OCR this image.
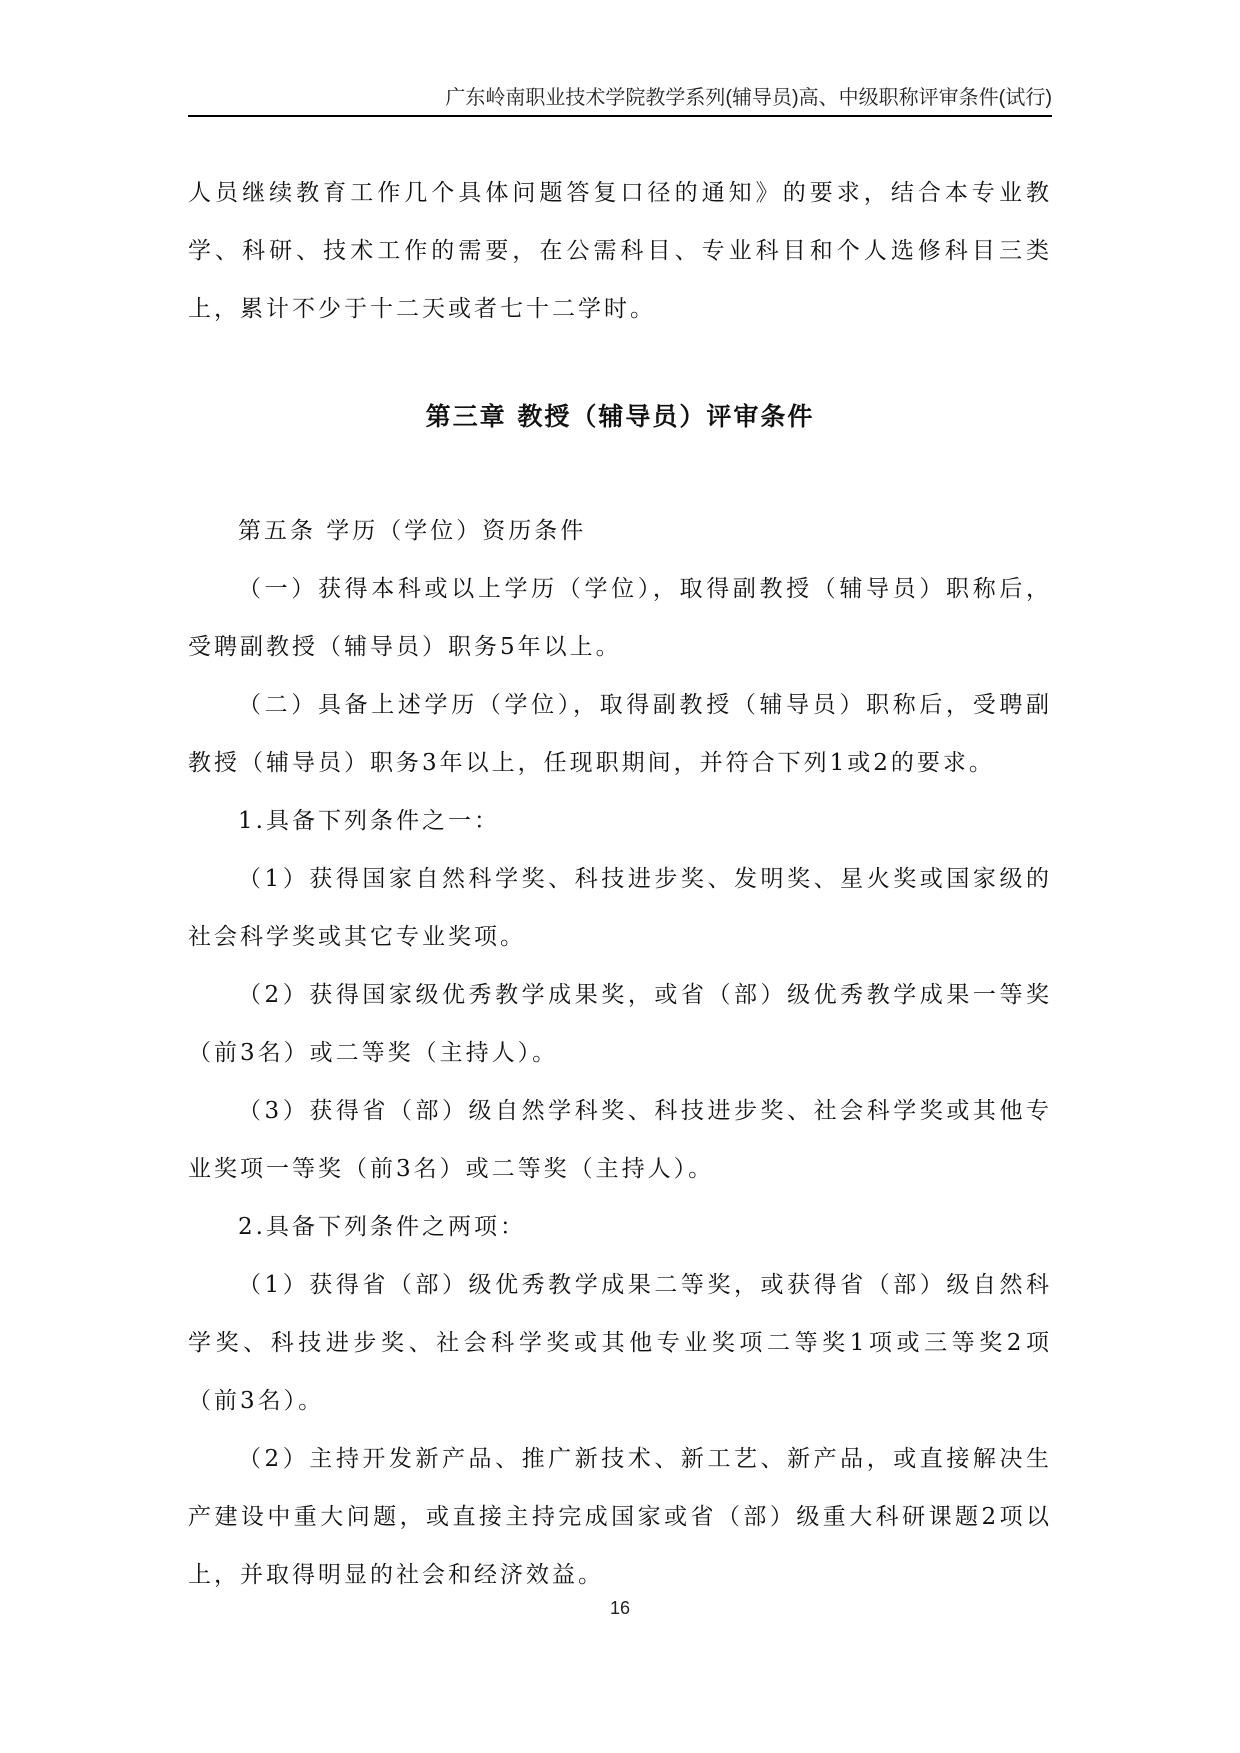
广东岭南职业技术学院教学系列(辅导员)高、中级职称评审条件(试行)

人员继续教育工作几个具体问题答复口径的通知》的要求，结合本专业教学、科研、技术工作的需要，在公需科目、专业科目和个人选修科目三类上，累计不少于十二天或者七十二学时。

第三章 教授（辅导员）评审条件

第五条 学历（学位）资历条件

（一）获得本科或以上学历（学位），取得副教授（辅导员）职称后，受聘副教授（辅导员）职务5年以上。

（二）具备上述学历（学位），取得副教授（辅导员）职称后，受聘副教授（辅导员）职务3年以上，任现职期间，并符合下列1或2的要求。

1.具备下列条件之一：

（1）获得国家自然科学奖、科技进步奖、发明奖、星火奖或国家级的社会科学奖或其它专业奖项。

（2）获得国家级优秀教学成果奖，或省（部）级优秀教学成果一等奖（前3名）或二等奖（主持人）。

（3）获得省（部）级自然学科奖、科技进步奖、社会科学奖或其他专业奖项一等奖（前3名）或二等奖（主持人）。

2.具备下列条件之两项：

（1）获得省（部）级优秀教学成果二等奖，或获得省（部）级自然科学奖、科技进步奖、社会科学奖或其他专业奖项二等奖1项或三等奖2项（前3名）。

（2）主持开发新产品、推广新技术、新工艺、新产品，或直接解决生产建设中重大问题，或直接主持完成国家或省（部）级重大科研课题2项以上，并取得明显的社会和经济效益。

16
